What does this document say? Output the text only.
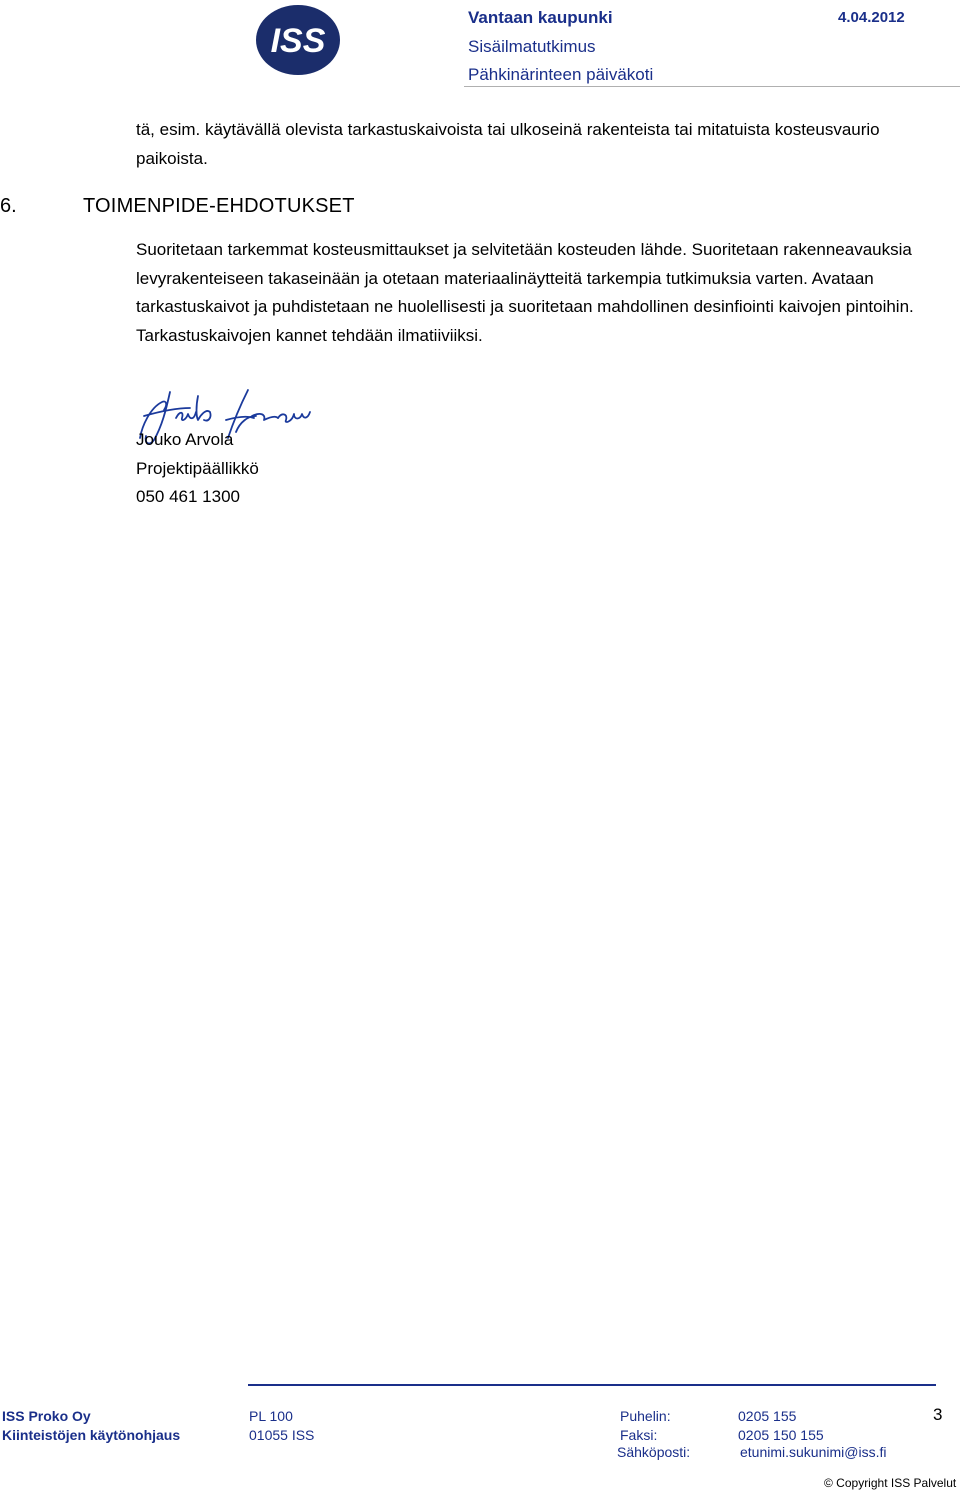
ISS
Vantaan kaupunki	4.04.2012
Sisäilmatutkimus
Pähkinärinteen päiväkoti
tä, esim. käytävällä olevista tarkastuskaivoista tai ulkoseinä rakenteista tai mitatuista kosteusvaurio paikoista.
6.	TOIMENPIDE-EHDOTUKSET
Suoritetaan tarkemmat kosteusmittaukset ja selvitetään kosteuden lähde. Suoritetaan rakenneavauksia levyrakenteiseen takaseinään ja otetaan materiaalinäytteitä tarkempia tutkimuksia varten. Avataan tarkastuskaivot ja puhdistetaan ne huolellisesti ja suoritetaan mahdollinen desinfiointi kaivojen pintoihin. Tarkastuskaivojen kannet tehdään ilmatiiviiksi.
Jouko Arvola
Projektipäällikkö
050 461 1300
ISS Proko Oy
Kiinteistöjen käytönohjaus
PL 100
01055 ISS
Puhelin:
Faksi:
Sähköposti:
0205 155
0205 150 155
etunimi.sukunimi@iss.fi
3
© Copyright ISS Palvelut
